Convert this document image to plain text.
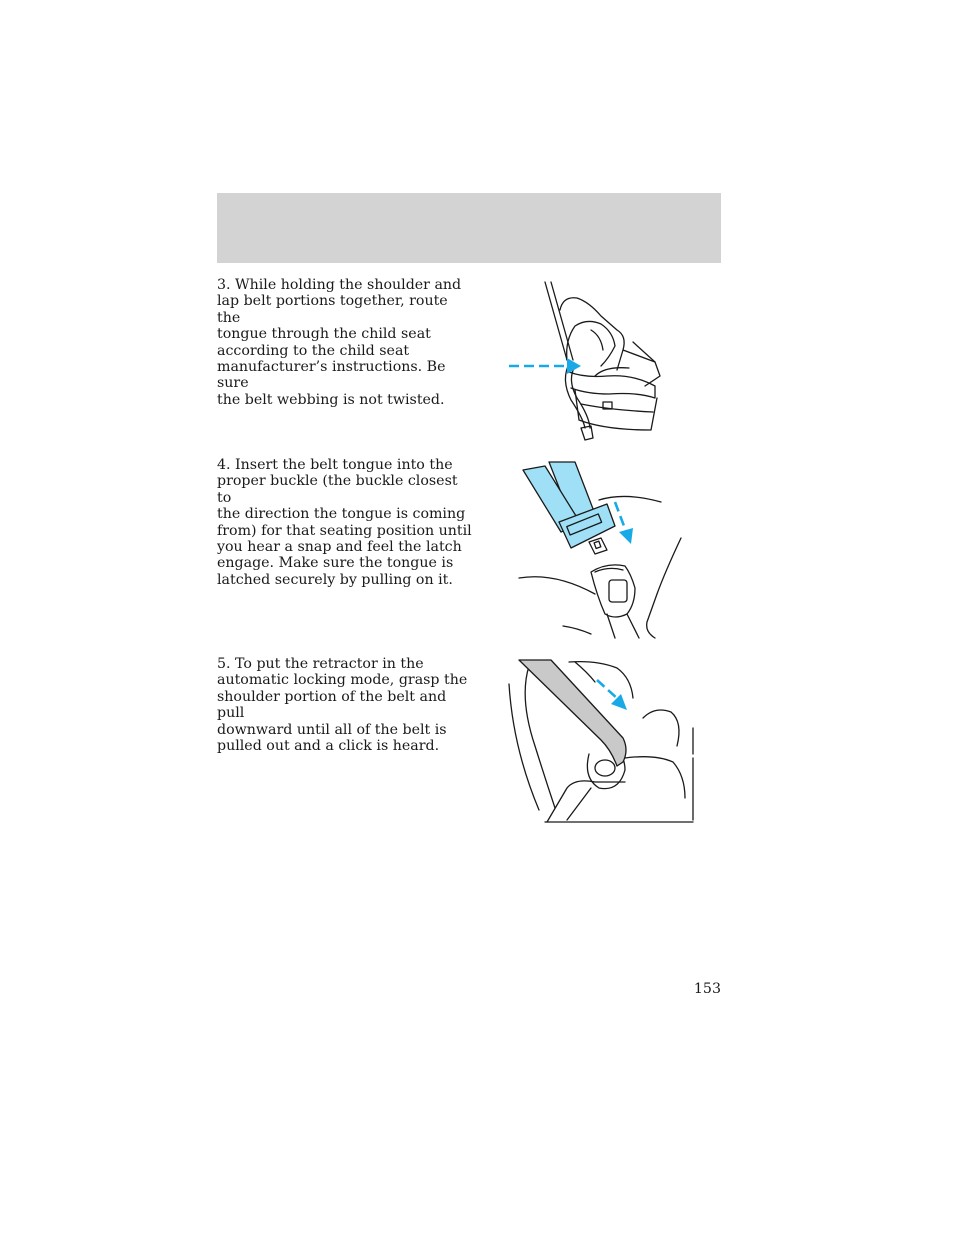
3. While holding the shoulder and
lap belt portions together, route the
tongue through the child seat
according to the child seat
manufacturer’s instructions. Be sure
the belt webbing is not twisted.
4. Insert the belt tongue into the
proper buckle (the buckle closest to
the direction the tongue is coming
from) for that seating position until
you hear a snap and feel the latch
engage. Make sure the tongue is
latched securely by pulling on it.
5. To put the retractor in the
automatic locking mode, grasp the
shoulder portion of the belt and pull
downward until all of the belt is
pulled out and a click is heard.
153
